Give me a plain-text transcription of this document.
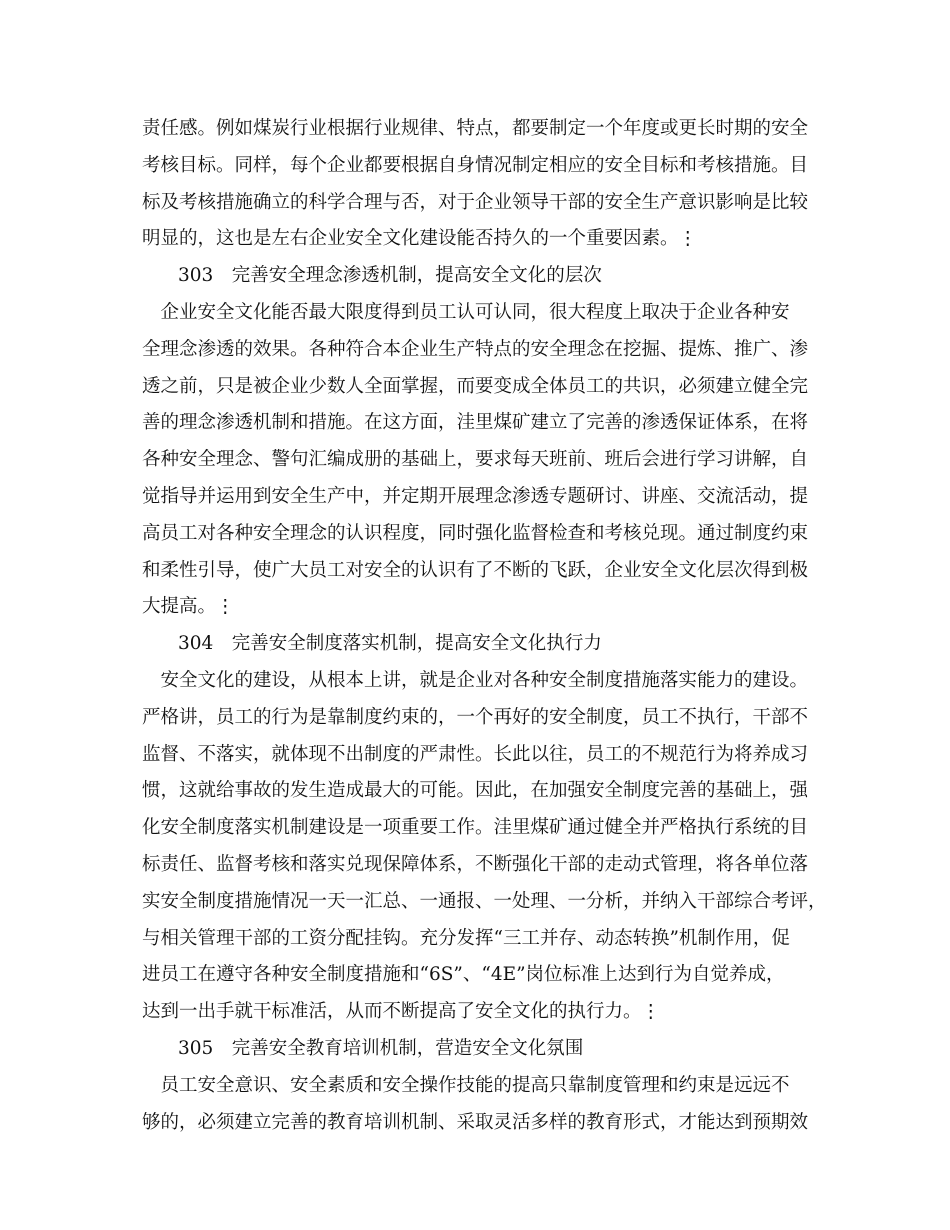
责任感。例如煤炭行业根据行业规律、特点，都要制定一个年度或更长时期的安全
考核目标。同样，每个企业都要根据自身情况制定相应的安全目标和考核措施。目
标及考核措施确立的科学合理与否，对于企业领导干部的安全生产意识影响是比较
明显的，这也是左右企业安全文化建设能否持久的一个重要因素。⋮
303　完善安全理念渗透机制，提高安全文化的层次
　企业安全文化能否最大限度得到员工认可认同，很大程度上取决于企业各种安
全理念渗透的效果。各种符合本企业生产特点的安全理念在挖掘、提炼、推广、渗
透之前，只是被企业少数人全面掌握，而要变成全体员工的共识，必须建立健全完
善的理念渗透机制和措施。在这方面，洼里煤矿建立了完善的渗透保证体系，在将
各种安全理念、警句汇编成册的基础上，要求每天班前、班后会进行学习讲解，自
觉指导并运用到安全生产中，并定期开展理念渗透专题研讨、讲座、交流活动，提
高员工对各种安全理念的认识程度，同时强化监督检查和考核兑现。通过制度约束
和柔性引导，使广大员工对安全的认识有了不断的飞跃，企业安全文化层次得到极
大提高。⋮
304　完善安全制度落实机制，提高安全文化执行力
　安全文化的建设，从根本上讲，就是企业对各种安全制度措施落实能力的建设。
严格讲，员工的行为是靠制度约束的，一个再好的安全制度，员工不执行，干部不
监督、不落实，就体现不出制度的严肃性。长此以往，员工的不规范行为将养成习
惯，这就给事故的发生造成最大的可能。因此，在加强安全制度完善的基础上，强
化安全制度落实机制建设是一项重要工作。洼里煤矿通过健全并严格执行系统的目
标责任、监督考核和落实兑现保障体系，不断强化干部的走动式管理，将各单位落
实安全制度措施情况一天一汇总、一通报、一处理、一分析，并纳入干部综合考评，
与相关管理干部的工资分配挂钩。充分发挥“三工并存、动态转换”机制作用，促
进员工在遵守各种安全制度措施和“6S”、“4E”岗位标准上达到行为自觉养成，
达到一出手就干标准活，从而不断提高了安全文化的执行力。⋮
305　完善安全教育培训机制，营造安全文化氛围
　员工安全意识、安全素质和安全操作技能的提高只靠制度管理和约束是远远不
够的，必须建立完善的教育培训机制、采取灵活多样的教育形式，才能达到预期效
